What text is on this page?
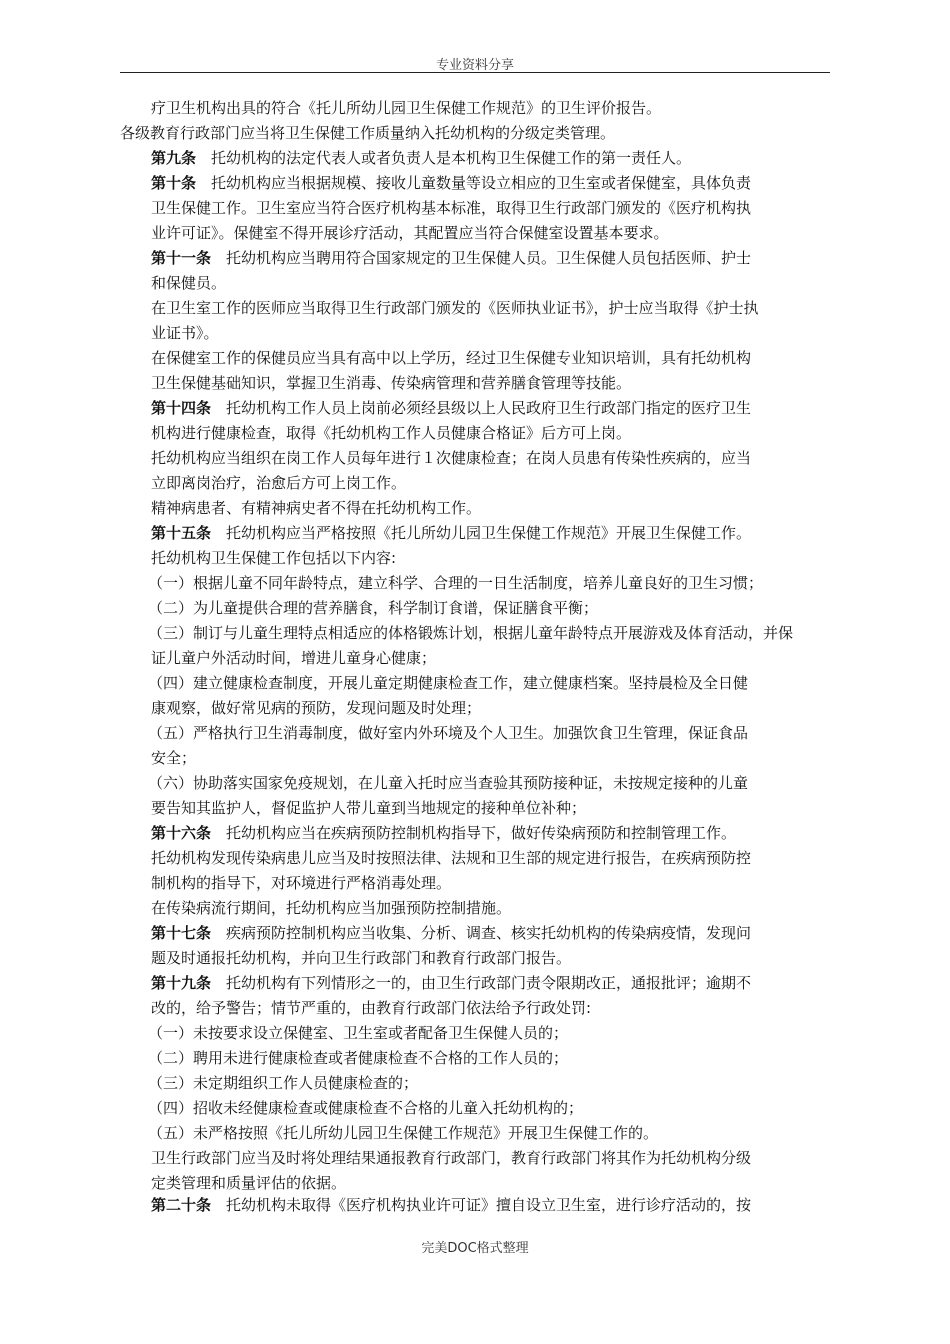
专业资料分享
疗卫生机构出具的符合《托儿所幼儿园卫生保健工作规范》的卫生评价报告。
各级教育行政部门应当将卫生保健工作质量纳入托幼机构的分级定类管理。
第九条　托幼机构的法定代表人或者负责人是本机构卫生保健工作的第一责任人。
第十条　托幼机构应当根据规模、接收儿童数量等设立相应的卫生室或者保健室，具体负责
卫生保健工作。卫生室应当符合医疗机构基本标准，取得卫生行政部门颁发的《医疗机构执
业许可证》。保健室不得开展诊疗活动，其配置应当符合保健室设置基本要求。
第十一条　托幼机构应当聘用符合国家规定的卫生保健人员。卫生保健人员包括医师、护士
和保健员。
在卫生室工作的医师应当取得卫生行政部门颁发的《医师执业证书》，护士应当取得《护士执
业证书》。
在保健室工作的保健员应当具有高中以上学历，经过卫生保健专业知识培训，具有托幼机构
卫生保健基础知识，掌握卫生消毒、传染病管理和营养膳食管理等技能。
第十四条　托幼机构工作人员上岗前必须经县级以上人民政府卫生行政部门指定的医疗卫生
机构进行健康检查，取得《托幼机构工作人员健康合格证》后方可上岗。
托幼机构应当组织在岗工作人员每年进行１次健康检查；在岗人员患有传染性疾病的，应当
立即离岗治疗，治愈后方可上岗工作。
精神病患者、有精神病史者不得在托幼机构工作。
第十五条　托幼机构应当严格按照《托儿所幼儿园卫生保健工作规范》开展卫生保健工作。
托幼机构卫生保健工作包括以下内容:
（一）根据儿童不同年龄特点，建立科学、合理的一日生活制度，培养儿童良好的卫生习惯；
（二）为儿童提供合理的营养膳食，科学制订食谱，保证膳食平衡；
（三）制订与儿童生理特点相适应的体格锻炼计划，根据儿童年龄特点开展游戏及体育活动，并保
证儿童户外活动时间，增进儿童身心健康；
（四）建立健康检查制度，开展儿童定期健康检查工作，建立健康档案。坚持晨检及全日健
康观察，做好常见病的预防，发现问题及时处理；
（五）严格执行卫生消毒制度，做好室内外环境及个人卫生。加强饮食卫生管理，保证食品
安全；
（六）协助落实国家免疫规划，在儿童入托时应当查验其预防接种证，未按规定接种的儿童
要告知其监护人，督促监护人带儿童到当地规定的接种单位补种；
第十六条　托幼机构应当在疾病预防控制机构指导下，做好传染病预防和控制管理工作。
托幼机构发现传染病患儿应当及时按照法律、法规和卫生部的规定进行报告，在疾病预防控
制机构的指导下，对环境进行严格消毒处理。
在传染病流行期间，托幼机构应当加强预防控制措施。
第十七条　疾病预防控制机构应当收集、分析、调查、核实托幼机构的传染病疫情，发现问
题及时通报托幼机构，并向卫生行政部门和教育行政部门报告。
第十九条　托幼机构有下列情形之一的，由卫生行政部门责令限期改正，通报批评；逾期不
改的，给予警告；情节严重的，由教育行政部门依法给予行政处罚:
（一）未按要求设立保健室、卫生室或者配备卫生保健人员的；
（二）聘用未进行健康检查或者健康检查不合格的工作人员的；
（三）未定期组织工作人员健康检查的；
（四）招收未经健康检查或健康检查不合格的儿童入托幼机构的；
（五）未严格按照《托儿所幼儿园卫生保健工作规范》开展卫生保健工作的。
卫生行政部门应当及时将处理结果通报教育行政部门，教育行政部门将其作为托幼机构分级
定类管理和质量评估的依据。
第二十条　托幼机构未取得《医疗机构执业许可证》擅自设立卫生室，进行诊疗活动的，按
完美DOC格式整理
